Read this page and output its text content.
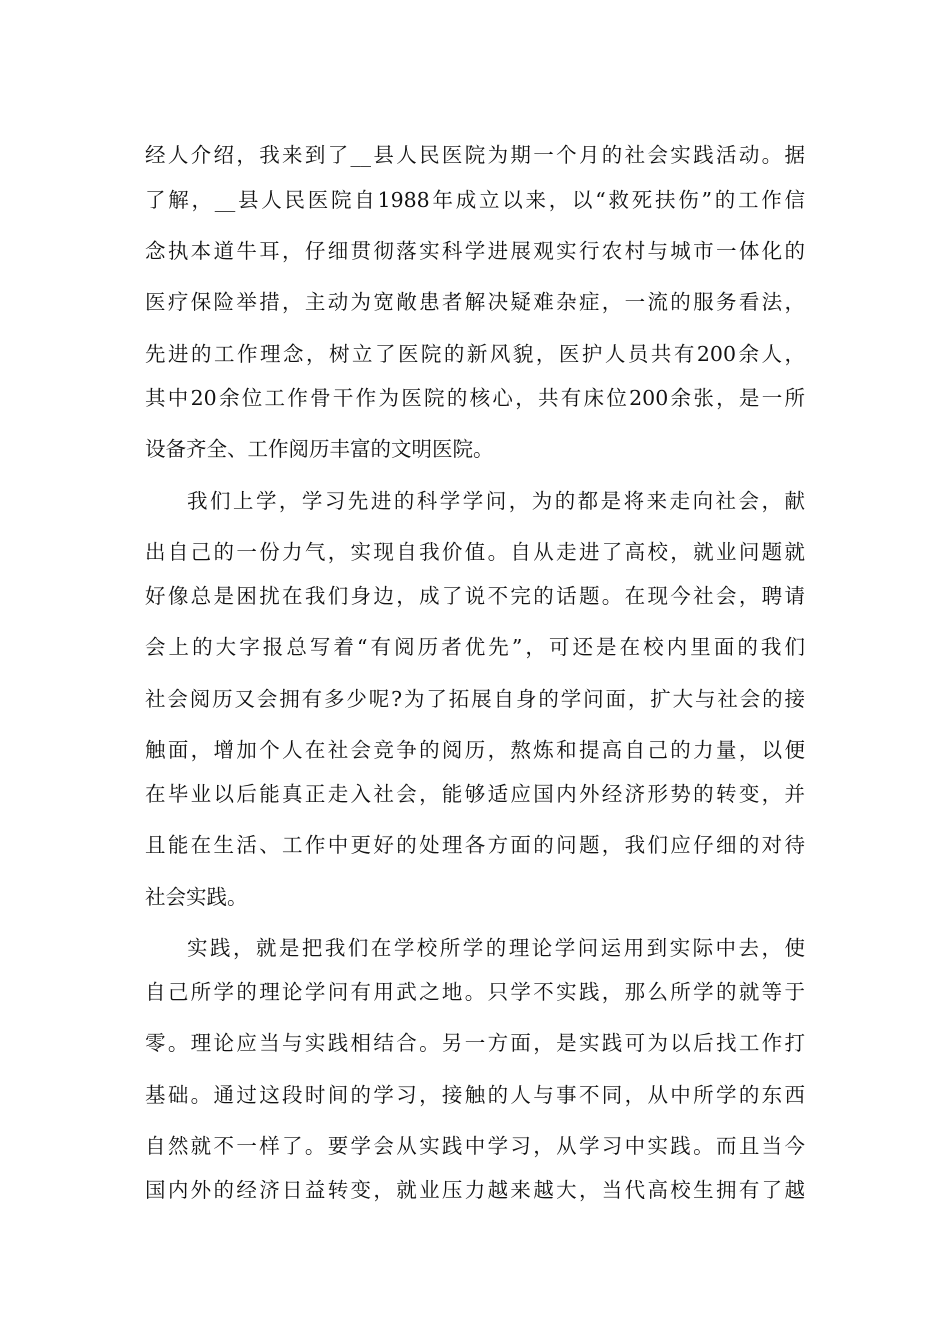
经人介绍，我来到了__县人民医院为期一个月的社会实践活动。据
了解，__县人民医院自1988年成立以来，以“救死扶伤”的工作信
念执本道牛耳，仔细贯彻落实科学进展观实行农村与城市一体化的
医疗保险举措，主动为宽敞患者解决疑难杂症，一流的服务看法，
先进的工作理念，树立了医院的新风貌，医护人员共有200余人，
其中20余位工作骨干作为医院的核心，共有床位200余张，是一所
设备齐全、工作阅历丰富的文明医院。
我们上学，学习先进的科学学问，为的都是将来走向社会，献
出自己的一份力气，实现自我价值。自从走进了高校，就业问题就
好像总是困扰在我们身边，成了说不完的话题。在现今社会，聘请
会上的大字报总写着“有阅历者优先”，可还是在校内里面的我们
社会阅历又会拥有多少呢?为了拓展自身的学问面，扩大与社会的接
触面，增加个人在社会竞争的阅历，熬炼和提高自己的力量，以便
在毕业以后能真正走入社会，能够适应国内外经济形势的转变，并
且能在生活、工作中更好的处理各方面的问题，我们应仔细的对待
社会实践。
实践，就是把我们在学校所学的理论学问运用到实际中去，使
自己所学的理论学问有用武之地。只学不实践，那么所学的就等于
零。理论应当与实践相结合。另一方面，是实践可为以后找工作打
基础。通过这段时间的学习，接触的人与事不同，从中所学的东西
自然就不一样了。要学会从实践中学习，从学习中实践。而且当今
国内外的经济日益转变，就业压力越来越大，当代高校生拥有了越
